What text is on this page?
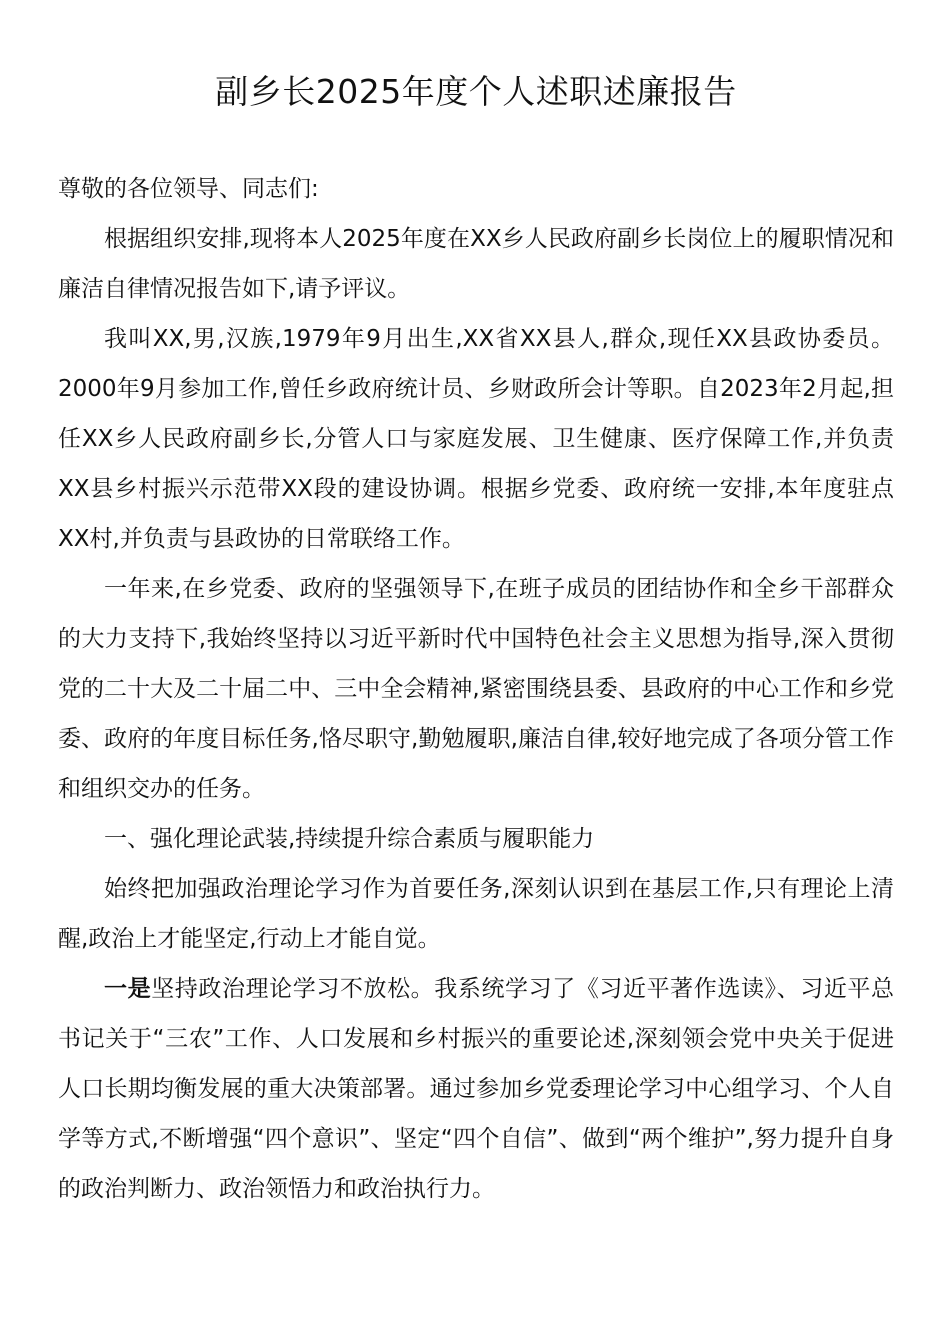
副乡长2025年度个人述职述廉报告

尊敬的各位领导、同志们:

根据组织安排,现将本人2025年度在XX乡人民政府副乡长岗位上的履职情况和廉洁自律情况报告如下,请予评议。

我叫XX,男,汉族,1979年9月出生,XX省XX县人,群众,现任XX县政协委员。2000年9月参加工作,曾任乡政府统计员、乡财政所会计等职。自2023年2月起,担任XX乡人民政府副乡长,分管人口与家庭发展、卫生健康、医疗保障工作,并负责XX县乡村振兴示范带XX段的建设协调。根据乡党委、政府统一安排,本年度驻点XX村,并负责与县政协的日常联络工作。

一年来,在乡党委、政府的坚强领导下,在班子成员的团结协作和全乡干部群众的大力支持下,我始终坚持以习近平新时代中国特色社会主义思想为指导,深入贯彻党的二十大及二十届二中、三中全会精神,紧密围绕县委、县政府的中心工作和乡党委、政府的年度目标任务,恪尽职守,勤勉履职,廉洁自律,较好地完成了各项分管工作和组织交办的任务。

一、强化理论武装,持续提升综合素质与履职能力

始终把加强政治理论学习作为首要任务,深刻认识到在基层工作,只有理论上清醒,政治上才能坚定,行动上才能自觉。

一是坚持政治理论学习不放松。我系统学习了《习近平著作选读》、习近平总书记关于“三农”工作、人口发展和乡村振兴的重要论述,深刻领会党中央关于促进人口长期均衡发展的重大决策部署。通过参加乡党委理论学习中心组学习、个人自学等方式,不断增强“四个意识”、坚定“四个自信”、做到“两个维护”,努力提升自身的政治判断力、政治领悟力和政治执行力。
